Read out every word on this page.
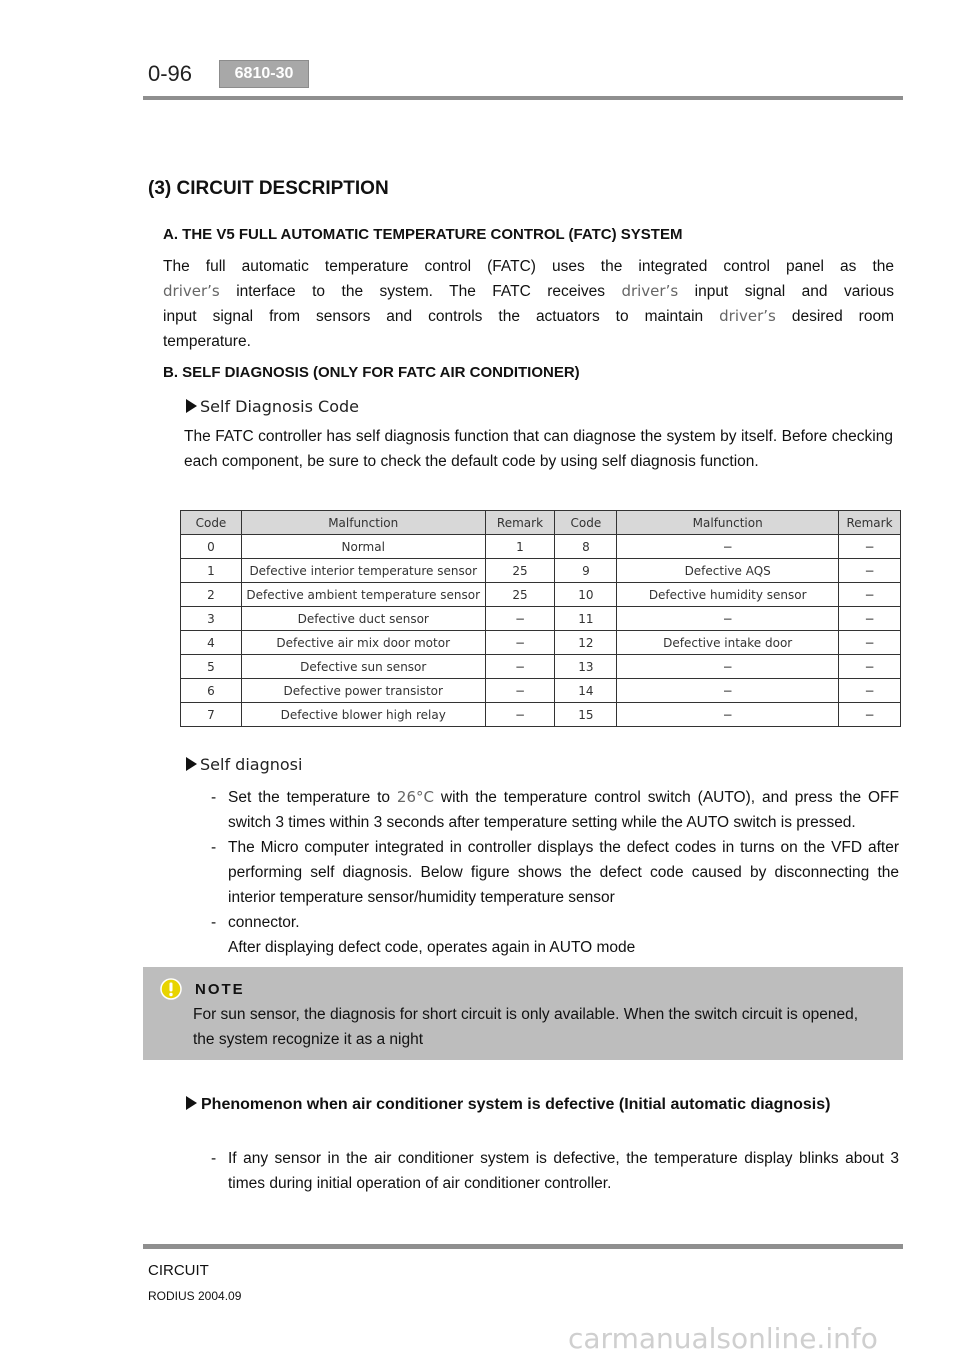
0-96	6810-30
(3) CIRCUIT DESCRIPTION
A. THE V5 FULL AUTOMATIC TEMPERATURE CONTROL (FATC) SYSTEM
The full automatic temperature control (FATC) uses the integrated control panel as the
driver’s interface to the system. The FATC receives driver’s input signal and various
input signal from sensors and controls the actuators to maintain driver’s desired room
temperature.
B. SELF DIAGNOSIS (ONLY FOR FATC AIR CONDITIONER)
Self Diagnosis Code
The FATC controller has self diagnosis function that can diagnose the system by itself. Before checking each component, be sure to check the default code by using self diagnosis function.
Code	Malfunction	Remark	Code	Malfunction	Remark
0	Normal	1	8	−	−
1	Defective interior temperature sensor	25	9	Defective AQS	−
2	Defective ambient temperature sensor	25	10	Defective humidity sensor	−
3	Defective duct sensor	−	11	−	−
4	Defective air mix door motor	−	12	Defective intake door	−
5	Defective sun sensor	−	13	−	−
6	Defective power transistor	−	14	−	−
7	Defective blower high relay	−	15	−	−
Self diagnosi
- Set the temperature to 26°C with the temperature control switch (AUTO), and press the OFF switch 3 times within 3 seconds after temperature setting while the AUTO switch is pressed.
- The Micro computer integrated in controller displays the defect codes in turns on the VFD after performing self diagnosis. Below figure shows the defect code caused by disconnecting the interior temperature sensor/humidity temperature sensor
- connector.
After displaying defect code, operates again in AUTO mode
NOTE
For sun sensor, the diagnosis for short circuit is only available. When the switch circuit is opened, the system recognize it as a night
Phenomenon when air conditioner system is defective (Initial automatic diagnosis)
- If any sensor in the air conditioner system is defective, the temperature display blinks about 3 times during initial operation of air conditioner controller.
CIRCUIT
RODIUS 2004.09
carmanualsonline.info
